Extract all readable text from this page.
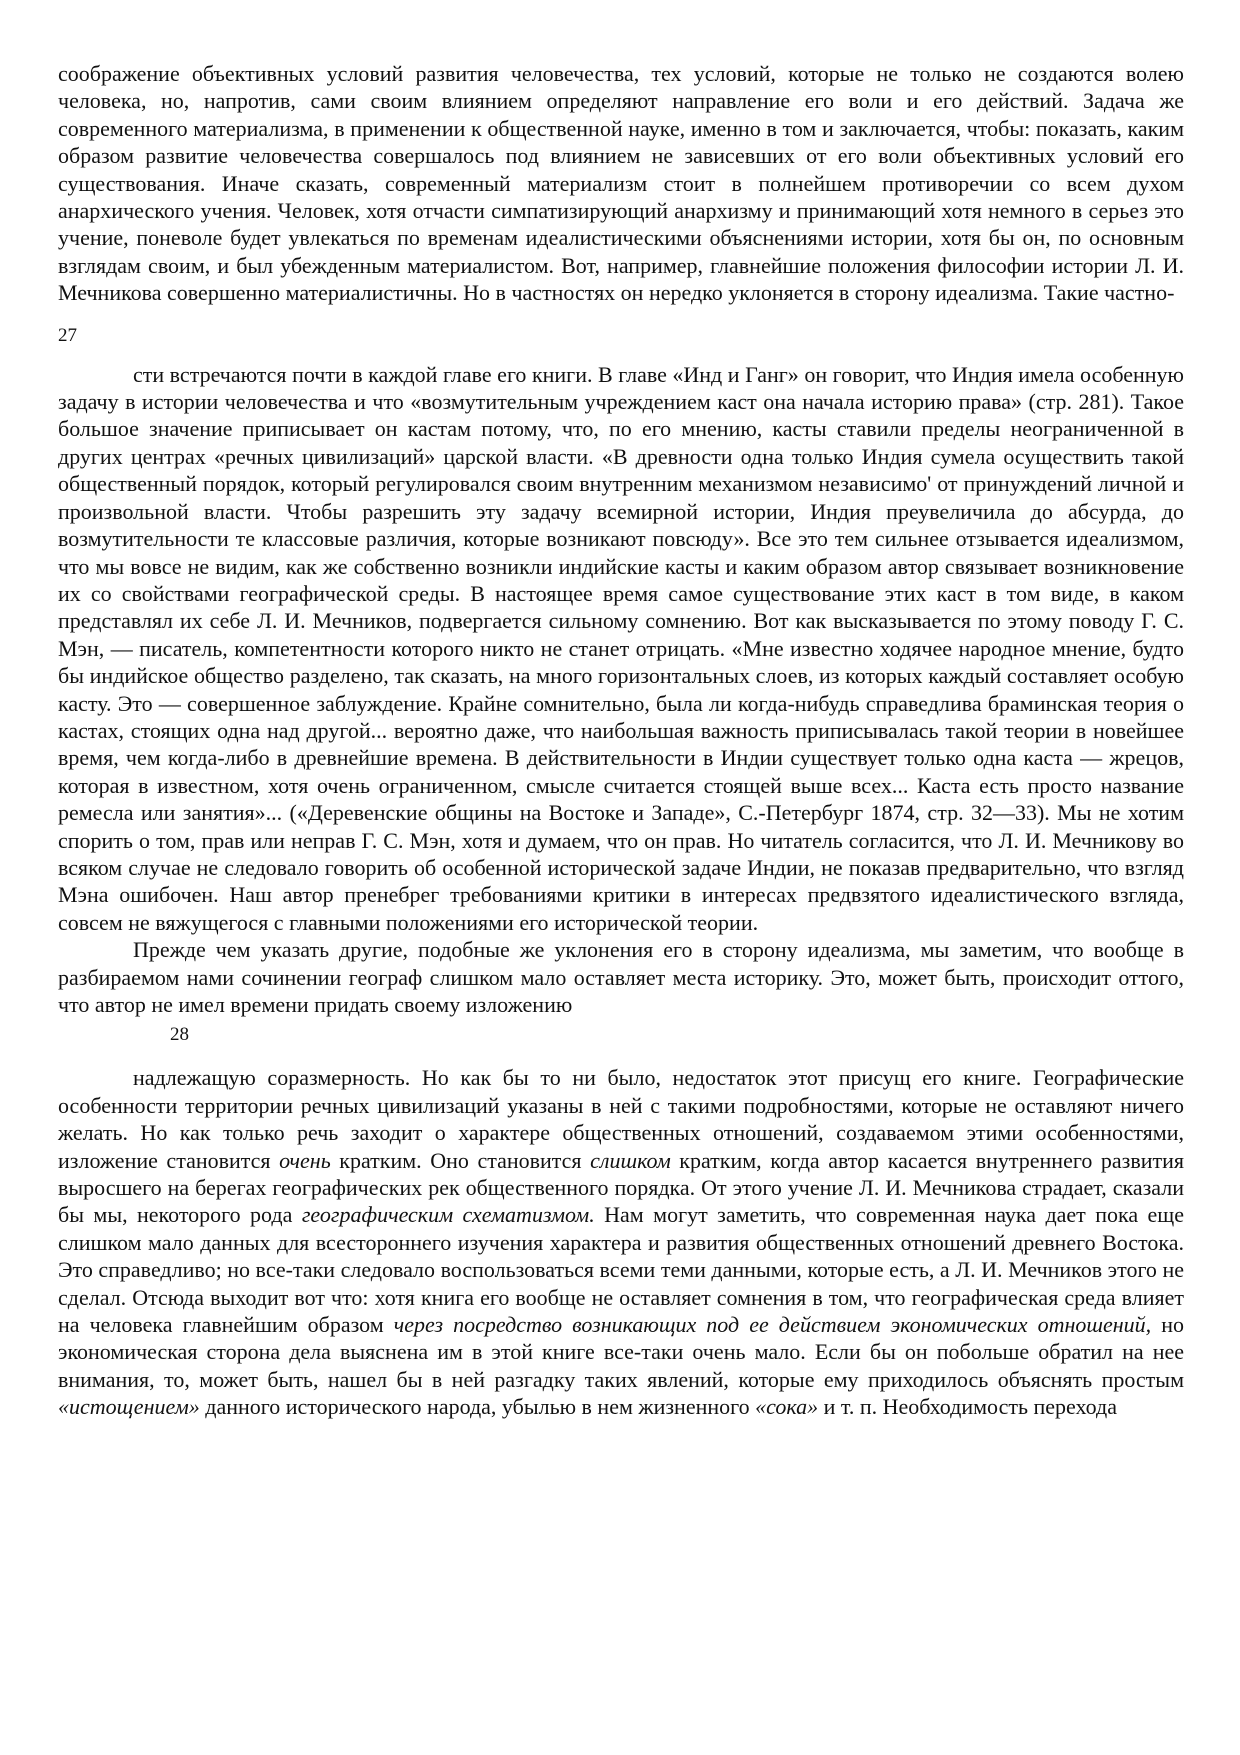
соображение объективных условий развития человечества, тех условий, которые не только не создаются волею человека, но, напротив, сами своим влиянием определяют направление его воли и его действий. Задача же современного материализма, в применении к общественной науке, именно в том и заключается, чтобы: показать, каким образом развитие человечества совершалось под влиянием не зависевших от его воли объективных условий его существования. Иначе сказать, современный материализм стоит в полнейшем противоречии со всем духом анархического учения. Человек, хотя отчасти симпатизирующий анархизму и принимающий хотя немного в серьез это учение, поневоле будет увлекаться по временам идеалистическими объяснениями истории, хотя бы он, по основным взглядам своим, и был убежденным материалистом. Вот, например, главнейшие положения философии истории Л. И. Мечникова совершенно материалистичны. Но в частностях он нередко уклоняется в сторону идеализма. Такие частно-

27

сти встречаются почти в каждой главе его книги. В главе «Инд и Ганг» он говорит, что Индия имела особенную задачу в истории человечества и что «возмутительным учреждением каст она начала историю права» (стр. 281). Такое большое значение приписывает он кастам потому, что, по его мнению, касты ставили пределы неограниченной в других центрах «речных цивилизаций» царской власти. «В древности одна только Индия сумела осуществить такой общественный порядок, который регулировался своим внутренним механизмом независимо' от принуждений личной и произвольной власти. Чтобы разрешить эту задачу всемирной истории, Индия преувеличила до абсурда, до возмутительности те классовые различия, которые возникают повсюду». Все это тем сильнее отзывается идеализмом, что мы вовсе не видим, как же собственно возникли индийские касты и каким образом автор связывает возникновение их со свойствами географической среды. В настоящее время самое существование этих каст в том виде, в каком представлял их себе Л. И. Мечников, подвергается сильному сомнению. Вот как высказывается по этому поводу Г. С. Мэн, — писатель, компетентности которого никто не станет отрицать. «Мне известно ходячее народное мнение, будто бы индийское общество разделено, так сказать, на много горизонтальных слоев, из которых каждый составляет особую касту. Это — совершенное заблуждение. Крайне сомнительно, была ли когда-нибудь справедлива браминская теория о кастах, стоящих одна над другой... вероятно даже, что наибольшая важность приписывалась такой теории в новейшее время, чем когда-либо в древнейшие времена. В действительности в Индии существует только одна каста — жрецов, которая в известном, хотя очень ограниченном, смысле считается стоящей выше всех... Каста есть просто название ремесла или занятия»... («Деревенские общины на Востоке и Западе», С.-Петербург 1874, стр. 32—33). Мы не хотим спорить о том, прав или неправ Г. С. Мэн, хотя и думаем, что он прав. Но читатель согласится, что Л. И. Мечникову во всяком случае не следовало говорить об особенной исторической задаче Индии, не показав предварительно, что взгляд Мэна ошибочен. Наш автор пренебрег требованиями критики в интересах предвзятого идеалистического взгляда, совсем не вяжущегося с главными положениями его исторической теории.

Прежде чем указать другие, подобные же уклонения его в сторону идеализма, мы заметим, что вообще в разбираемом нами сочинении географ слишком мало оставляет места историку. Это, может быть, происходит оттого, что автор не имел времени придать своему изложению

28

надлежащую соразмерность. Но как бы то ни было, недостаток этот присущ его книге. Географические особенности территории речных цивилизаций указаны в ней с такими подробностями, которые не оставляют ничего желать. Но как только речь заходит о характере общественных отношений, создаваемом этими особенностями, изложение становится очень кратким. Оно становится слишком кратким, когда автор касается внутреннего развития выросшего на берегах географических рек общественного порядка. От этого учение Л. И. Мечникова страдает, сказали бы мы, некоторого рода географическим схематизмом. Нам могут заметить, что современная наука дает пока еще слишком мало данных для всестороннего изучения характера и развития общественных отношений древнего Востока. Это справедливо; но все-таки следовало воспользоваться всеми теми данными, которые есть, а Л. И. Мечников этого не сделал. Отсюда выходит вот что: хотя книга его вообще не оставляет сомнения в том, что географическая среда влияет на человека главнейшим образом через посредство возникающих под ее действием экономических отношений, но экономическая сторона дела выяснена им в этой книге все-таки очень мало. Если бы он побольше обратил на нее внимания, то, может быть, нашел бы в ней разгадку таких явлений, которые ему приходилось объяснять простым «истощением» данного исторического народа, убылью в нем жизненного «сока» и т. п. Необходимость перехода
